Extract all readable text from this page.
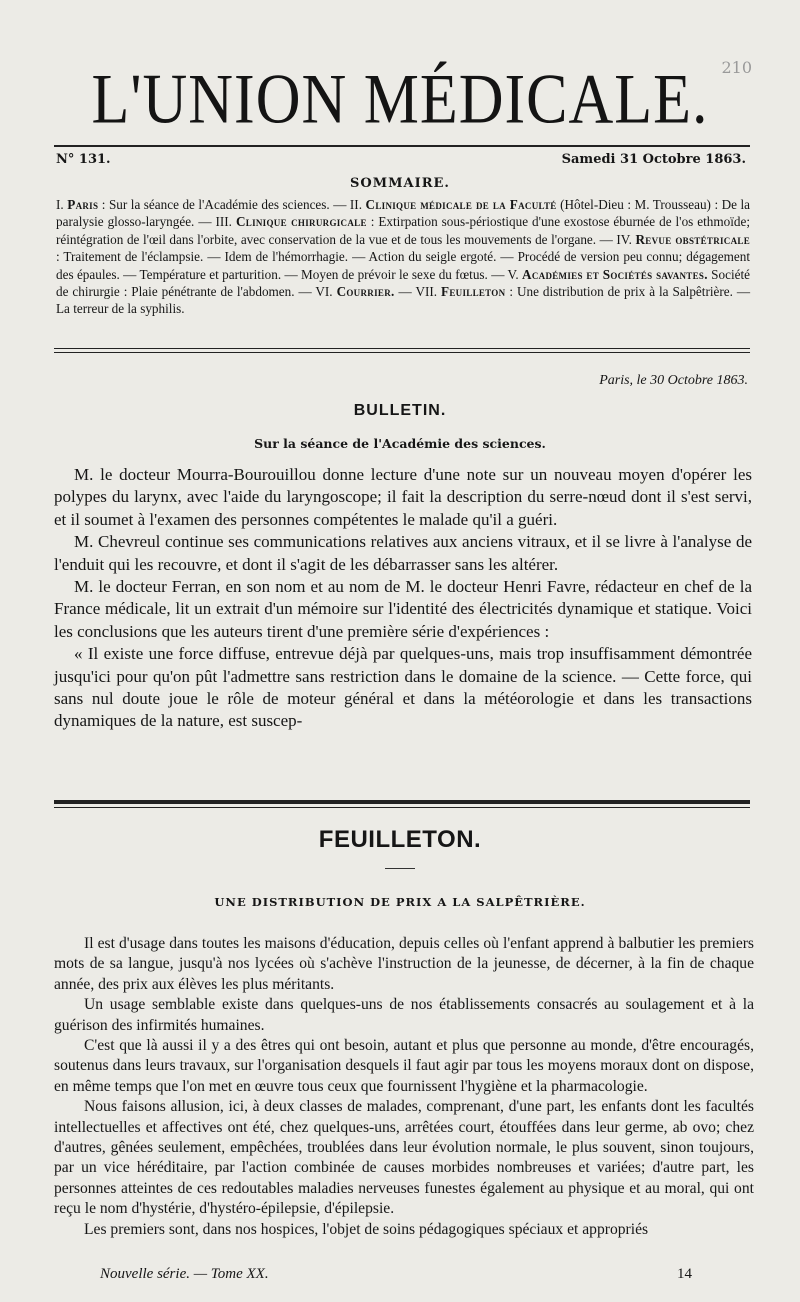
210
L'UNION MÉDICALE.
N° 131.	Samedi 31 Octobre 1863.
SOMMAIRE.
I. Paris : Sur la séance de l'Académie des sciences. — II. Clinique médicale de la Faculté (Hôtel-Dieu : M. Trousseau) : De la paralysie glosso-laryngée. — III. Clinique chirurgicale : Extirpation sous-périostique d'une exostose éburnée de l'os ethmoïde; réintégration de l'œil dans l'orbite, avec conservation de la vue et de tous les mouvements de l'organe. — IV. Revue obstétricale : Traitement de l'éclampsie. — Idem de l'hémorrhagie. — Action du seigle ergoté. — Procédé de version peu connu; dégagement des épaules. — Température et parturition. — Moyen de prévoir le sexe du fœtus. — V. Académies et Sociétés savantes. Société de chirurgie : Plaie pénétrante de l'abdomen. — VI. Courrier. — VII. Feuilleton : Une distribution de prix à la Salpêtrière. — La terreur de la syphilis.
Paris, le 30 Octobre 1863.
BULLETIN.
Sur la séance de l'Académie des sciences.

M. le docteur Mourra-Bourouillou donne lecture d'une note sur un nouveau moyen d'opérer les polypes du larynx, avec l'aide du laryngoscope; il fait la description du serre-nœud dont il s'est servi, et il soumet à l'examen des personnes compétentes le malade qu'il a guéri.

M. Chevreul continue ses communications relatives aux anciens vitraux, et il se livre à l'analyse de l'enduit qui les recouvre, et dont il s'agit de les débarrasser sans les altérer.

M. le docteur Ferran, en son nom et au nom de M. le docteur Henri Favre, rédacteur en chef de la France médicale, lit un extrait d'un mémoire sur l'identité des électricités dynamique et statique. Voici les conclusions que les auteurs tirent d'une première série d'expériences :

« Il existe une force diffuse, entrevue déjà par quelques-uns, mais trop insuffisamment démontrée jusqu'ici pour qu'on pût l'admettre sans restriction dans le domaine de la science. — Cette force, qui sans nul doute joue le rôle de moteur général et dans la météorologie et dans les transactions dynamiques de la nature, est suscep-

FEUILLETON.
UNE DISTRIBUTION DE PRIX A LA SALPÊTRIÈRE.

Il est d'usage dans toutes les maisons d'éducation, depuis celles où l'enfant apprend à balbutier les premiers mots de sa langue, jusqu'à nos lycées où s'achève l'instruction de la jeunesse, de décerner, à la fin de chaque année, des prix aux élèves les plus méritants.

Un usage semblable existe dans quelques-uns de nos établissements consacrés au soulagement et à la guérison des infirmités humaines.

C'est que là aussi il y a des êtres qui ont besoin, autant et plus que personne au monde, d'être encouragés, soutenus dans leurs travaux, sur l'organisation desquels il faut agir par tous les moyens moraux dont on dispose, en même temps que l'on met en œuvre tous ceux que fournissent l'hygiène et la pharmacologie.

Nous faisons allusion, ici, à deux classes de malades, comprenant, d'une part, les enfants dont les facultés intellectuelles et affectives ont été, chez quelques-uns, arrêtées court, étouffées dans leur germe, ab ovo; chez d'autres, gênées seulement, empêchées, troublées dans leur évolution normale, le plus souvent, sinon toujours, par un vice héréditaire, par l'action combinée de causes morbides nombreuses et variées; d'autre part, les personnes atteintes de ces redoutables maladies nerveuses funestes également au physique et au moral, qui ont reçu le nom d'hystérie, d'hystéro-épilepsie, d'épilepsie.

Les premiers sont, dans nos hospices, l'objet de soins pédagogiques spéciaux et appropriés

Nouvelle série. — Tome XX.	14
